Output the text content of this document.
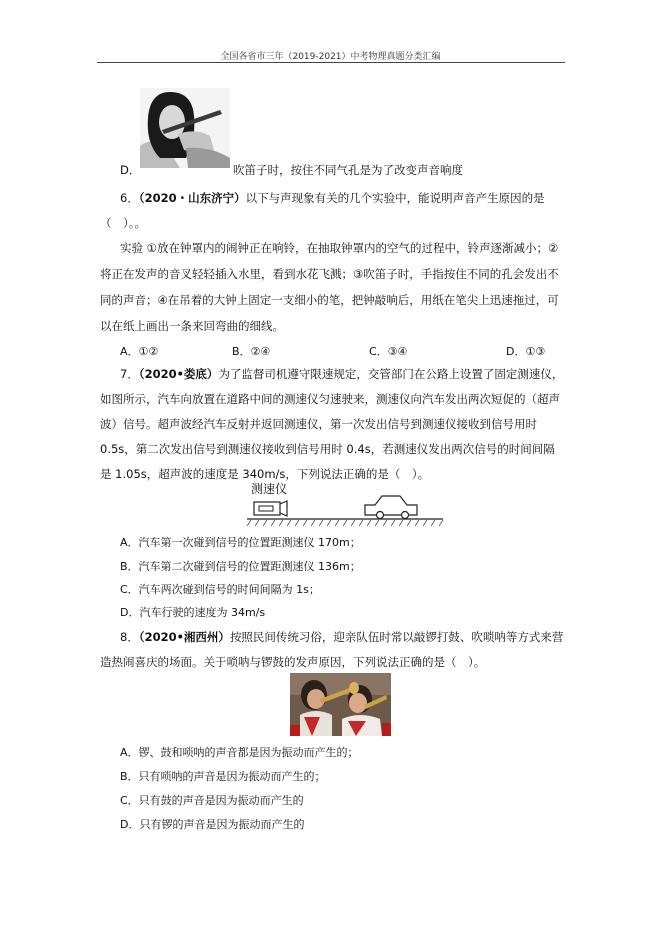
全国各省市三年（2019-2021）中考物理真题分类汇编
D．	吹笛子时，按住不同气孔是为了改变声音响度
6．（2020・山东济宁）以下与声现象有关的几个实验中，能说明声音产生原因的是
（　）。。
实验 ①放在钟罩内的闹钟正在响铃，在抽取钟罩内的空气的过程中，铃声逐渐减小；②
将正在发声的音叉轻轻插入水里，看到水花飞溅；③吹笛子时，手指按住不同的孔会发出不
同的声音；④在吊着的大钟上固定一支细小的笔，把钟敲响后，用纸在笔尖上迅速拖过，可
以在纸上画出一条来回弯曲的细线。
A．①②	B．②④	C．③④	D．①③
7．（2020•娄底）为了监督司机遵守限速规定，交管部门在公路上设置了固定测速仪，
如图所示，汽车向放置在道路中间的测速仪匀速驶来，测速仪向汽车发出两次短促的（超声
波）信号。超声波经汽车反射并返回测速仪，第一次发出信号到测速仪接收到信号用时
0.5s，第二次发出信号到测速仪接收到信号用时 0.4s，若测速仪发出两次信号的时间间隔
是 1.05s，超声波的速度是 340m/s，下列说法正确的是（　）。
测速仪
A．汽车第一次碰到信号的位置距测速仪 170m；
B．汽车第二次碰到信号的位置距测速仪 136m；
C．汽车两次碰到信号的时间间隔为 1s；
D．汽车行驶的速度为 34m/s
8．（2020•湘西州）按照民间传统习俗，迎亲队伍时常以敲锣打鼓、吹唢呐等方式来营
造热闹喜庆的场面。关于唢呐与锣鼓的发声原因，下列说法正确的是（　）。
A．锣、鼓和唢呐的声音都是因为振动而产生的；
B．只有唢呐的声音是因为振动而产生的；
C．只有鼓的声音是因为振动而产生的
D．只有锣的声音是因为振动而产生的
